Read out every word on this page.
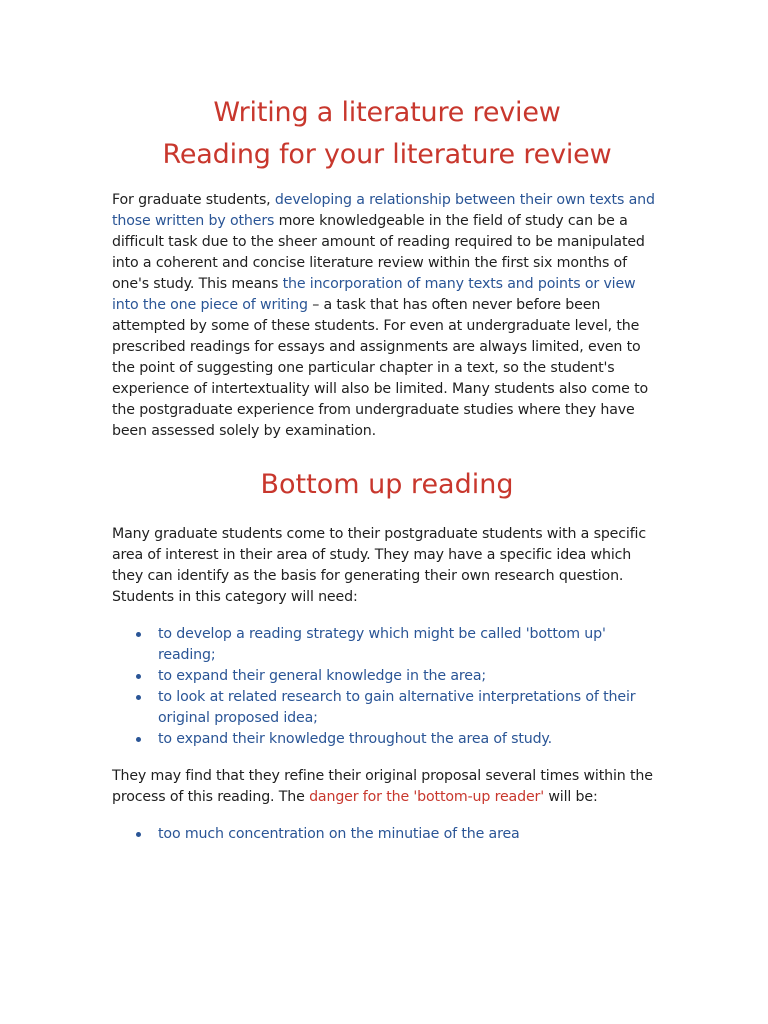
Writing a literature review
Reading for your literature review

For graduate students, developing a relationship between their own texts and those written by others more knowledgeable in the field of study can be a difficult task due to the sheer amount of reading required to be manipulated into a coherent and concise literature review within the first six months of one's study. This means the incorporation of many texts and points or view into the one piece of writing – a task that has often never before been attempted by some of these students. For even at undergraduate level, the prescribed readings for essays and assignments are always limited, even to the point of suggesting one particular chapter in a text, so the student's experience of intertextuality will also be limited. Many students also come to the postgraduate experience from undergraduate studies where they have been assessed solely by examination.

Bottom up reading

Many graduate students come to their postgraduate students with a specific area of interest in their area of study. They may have a specific idea which they can identify as the basis for generating their own research question. Students in this category will need:

to develop a reading strategy which might be called 'bottom up' reading;
to expand their general knowledge in the area;
to look at related research to gain alternative interpretations of their original proposed idea;
to expand their knowledge throughout the area of study.

They may find that they refine their original proposal several times within the process of this reading. The danger for the 'bottom-up reader' will be:

too much concentration on the minutiae of the area
